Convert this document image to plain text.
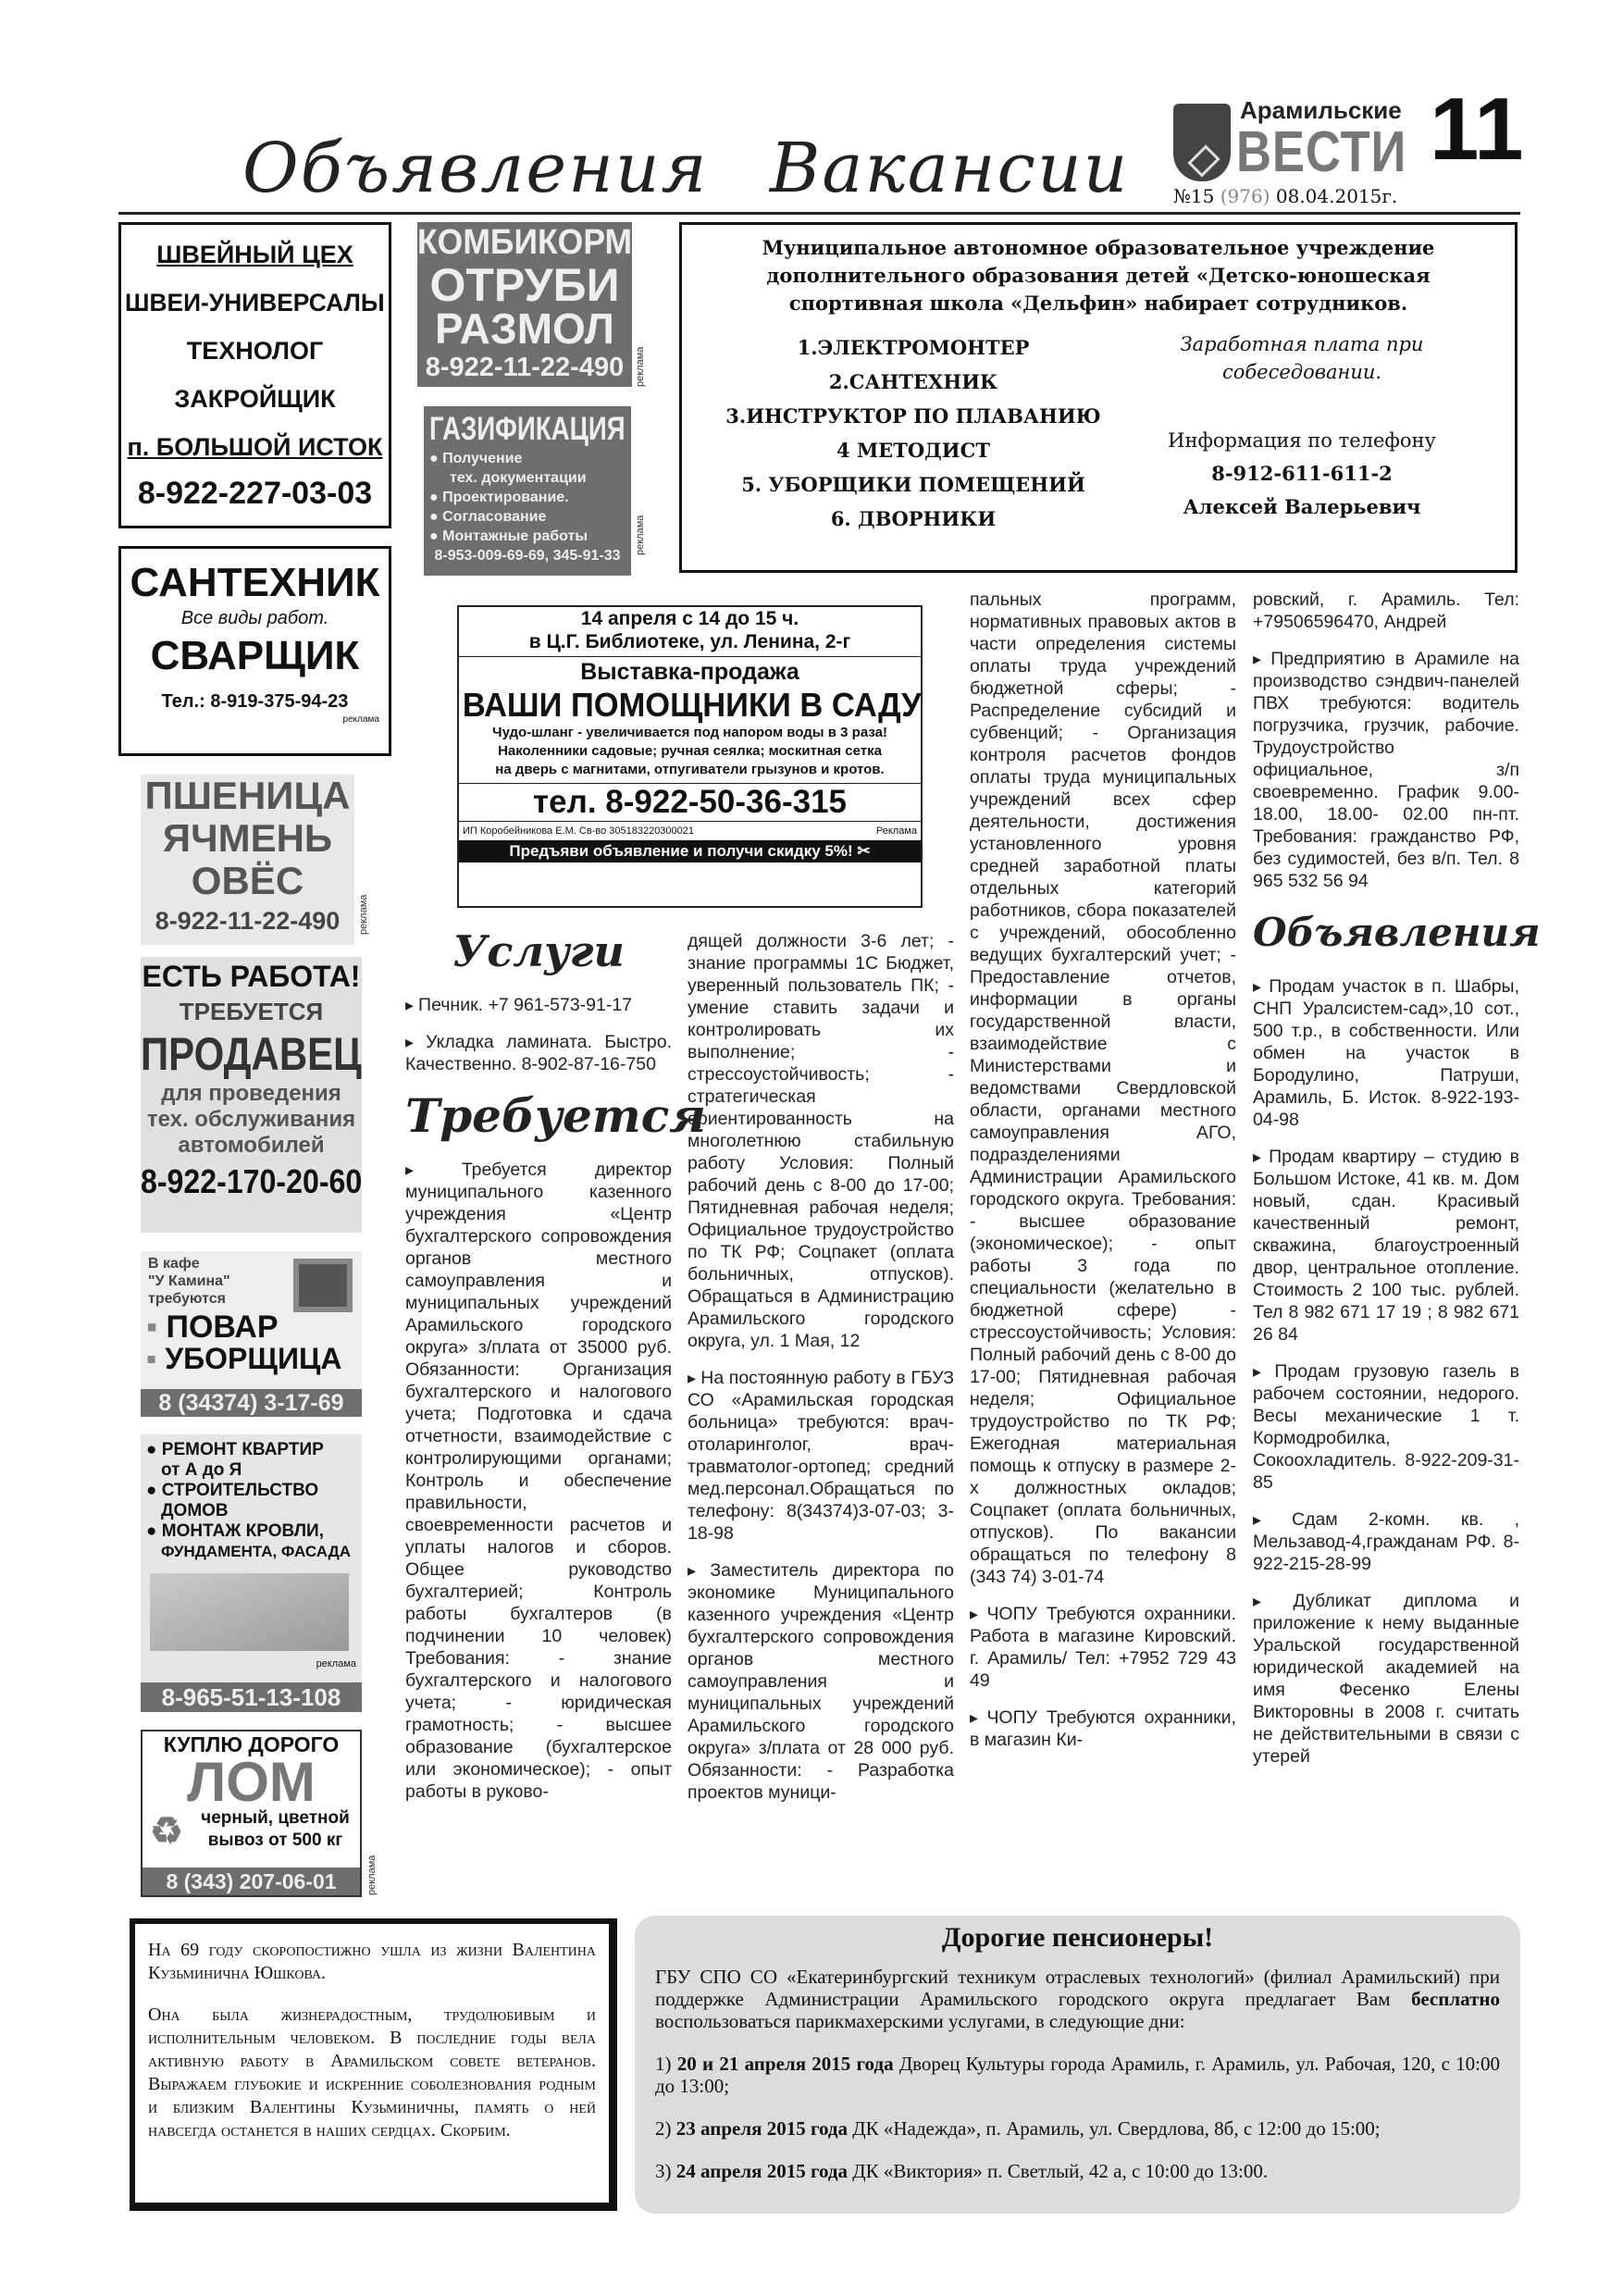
Объявления Вакансии
Арамильские
ВЕСТИ 11
№15 (976) 08.04.2015г.
ШВЕЙНЫЙ ЦЕХ
ШВЕИ-УНИВЕРСАЛЫ
ТЕХНОЛОГ
ЗАКРОЙЩИК
п. БОЛЬШОЙ ИСТОК
8-922-227-03-03
КОМБИКОРМ
ОТРУБИ
РАЗМОЛ
8-922-11-22-490	реклама
ГАЗИФИКАЦИЯ
● Получение
тех. документации
● Проектирование.
● Согласование
● Монтажные работы
8-953-009-69-69, 345-91-33
реклама
Муниципальное автономное образовательное учреждение дополнительного образования детей «Детско-юношеская спортивная школа «Дельфин» набирает сотрудников.
1.ЭЛЕКТРОМОНТЕР
2.САНТЕХНИК
3.ИНСТРУКТОР ПО ПЛАВАНИЮ
4 МЕТОДИСТ
5. УБОРЩИКИ ПОМЕЩЕНИЙ
6. ДВОРНИКИ
Заработная плата при собеседовании.
Информация по телефону
8-912-611-611-2
Алексей Валерьевич
САНТЕХНИК
Все виды работ.
СВАРЩИК
Тел.: 8-919-375-94-23
реклама
ПШЕНИЦА
ЯЧМЕНЬ
ОВЁС
8-922-11-22-490	реклама
ЕСТЬ РАБОТА!
ТРЕБУЕТСЯ
ПРОДАВЕЦ
для проведения
тех. обслуживания
автомобилей
8-922-170-20-60
В кафе
"У Камина"
требуются
▪ ПОВАР
▪ УБОРЩИЦА
8 (34374) 3-17-69
● РЕМОНТ КВАРТИР
от А до Я
● СТРОИТЕЛЬСТВО
ДОМОВ
● МОНТАЖ КРОВЛИ,
ФУНДАМЕНТА, ФАСАДА
реклама
8-965-51-13-108
КУПЛЮ ДОРОГО
ЛОМ
♻	черный, цветной
вывоз от 500 кг
8 (343) 207-06-01	реклама
14 апреля с 14 до 15 ч.
в Ц.Г. Библиотеке, ул. Ленина, 2-г
Выставка-продажа
ВАШИ ПОМОЩНИКИ В САДУ
Чудо-шланг - увеличивается под напором воды в 3 раза!
Наколенники садовые; ручная сеялка; москитная сетка
на дверь с магнитами, отпугиватели грызунов и кротов.
тел. 8-922-50-36-315
ИП Коробейникова Е.М. Св-во 305183220300021	Реклама
Предъяви объявление и получи скидку 5%! ✂
Услуги

▸ Печник. +7 961-573-91-17

▸ Укладка ламината. Быстро. Качественно. 8-902-87-16-750

Требуется

▸ Требуется директор муниципального казенного учреждения «Центр бухгалтерского сопровождения органов местного самоуправления и муниципальных учреждений Арамильского городского округа» з/плата от 35000 руб. Обязанности: Организация бухгалтерского и налогового учета; Подготовка и сдача отчетности, взаимодействие с контролирующими органами; Контроль и обеспечение правильности, своевременности расчетов и уплаты налогов и сборов. Общее руководство бухгалтерией; Контроль работы бухгалтеров (в подчинении 10 человек) Требования: - знание бухгалтерского и налогового учета; - юридическая грамотность; - высшее образование (бухгалтерское или экономическое); - опыт работы в руково-

дящей должности 3-6 лет; - знание программы 1С Бюджет, уверенный пользователь ПК; - умение ставить задачи и контролировать их выполнение; - стрессоустойчивость; - стратегическая ориентированность на многолетнюю стабильную работу Условия: Полный рабочий день с 8-00 до 17-00; Пятидневная рабочая неделя; Официальное трудоустройство по ТК РФ; Соцпакет (оплата больничных, отпусков). Обращаться в Администрацию Арамильского городского округа, ул. 1 Мая, 12

▸ На постоянную работу в ГБУЗ СО «Арамильская городская больница» требуются: врач-отоларинголог, врач- травматолог-ортопед; средний мед.персонал.Обращаться по телефону: 8(34374)3-07-03; 3-18-98

▸ Заместитель директора по экономике Муниципального казенного учреждения «Центр бухгалтерского сопровождения органов местного самоуправления и муниципальных учреждений Арамильского городского округа» з/плата от 28 000 руб. Обязанности: - Разработка проектов муници-

пальных программ, нормативных правовых актов в части определения системы оплаты труда учреждений бюджетной сферы; - Распределение субсидий и субвенций; - Организация контроля расчетов фондов оплаты труда муниципальных учреждений всех сфер деятельности, достижения установленного уровня средней заработной платы отдельных категорий работников, сбора показателей с учреждений, обособленно ведущих бухгалтерский учет; - Предоставление отчетов, информации в органы государственной власти, взаимодействие с Министерствами и ведомствами Свердловской области, органами местного самоуправления АГО, подразделениями Администрации Арамильского городского округа. Требования: - высшее образование (экономическое); - опыт работы 3 года по специальности (желательно в бюджетной сфере) - стрессоустойчивость; Условия: Полный рабочий день с 8-00 до 17-00; Пятидневная рабочая неделя; Официальное трудоустройство по ТК РФ; Ежегодная материальная помощь к отпуску в размере 2-х должностных окладов; Соцпакет (оплата больничных, отпусков). По вакансии обращаться по телефону 8 (343 74) 3-01-74

▸ ЧОПУ Требуются охранники. Работа в магазине Кировский. г. Арамиль/ Тел: +7952 729 43 49

▸ ЧОПУ Требуются охранники, в магазин Ки-

ровский, г. Арамиль. Тел: +79506596470, Андрей

▸ Предприятию в Арамиле на производство сэндвич-панелей ПВХ требуются: водитель погрузчика, грузчик, рабочие. Трудоустройство официальное, з/п своевременно. График 9.00-18.00, 18.00- 02.00 пн-пт. Требования: гражданство РФ, без судимостей, без в/п. Тел. 8 965 532 56 94

Объявления

▸ Продам участок в п. Шабры, СНП Уралсистем-сад»,10 сот., 500 т.р., в собственности. Или обмен на участок в Бородулино, Патруши, Арамиль, Б. Исток. 8-922-193-04-98

▸ Продам квартиру – студию в Большом Истоке, 41 кв. м. Дом новый, сдан. Красивый качественный ремонт, скважина, благоустроенный двор, центральное отопление. Стоимость 2 100 тыс. рублей. Тел 8 982 671 17 19 ; 8 982 671 26 84

▸ Продам грузовую газель в рабочем состоянии, недорого. Весы механические 1 т. Кормодробилка, Сокоохладитель. 8-922-209-31-85

▸ Сдам 2-комн. кв. , Мельзавод-4,гражданам РФ. 8-922-215-28-99

▸ Дубликат диплома и приложение к нему выданные Уральской государственной юридической академией на имя Фесенко Елены Викторовны в 2008 г. считать не действительными в связи с утерей

На 69 году скоропостижно ушла из жизни Валентина Кузьминична Юшкова.

Она была жизнерадостным, трудолюбивым и исполнительным человеком. В последние годы вела активную работу в Арамильском совете ветеранов. Выражаем глубокие и искренние соболезнования родным и близким Валентины Кузьминичны, память о ней навсегда останется в наших сердцах. Скорбим.

Дорогие пенсионеры!

ГБУ СПО СО «Екатеринбургский техникум отраслевых технологий» (филиал Арамильский) при поддержке Администрации Арамильского городского округа предлагает Вам бесплатно воспользоваться парикмахерскими услугами, в следующие дни:

1) 20 и 21 апреля 2015 года Дворец Культуры города Арамиль, г. Арамиль, ул. Рабочая, 120, с 10:00 до 13:00;

2) 23 апреля 2015 года ДК «Надежда», п. Арамиль, ул. Свердлова, 8б, с 12:00 до 15:00;

3) 24 апреля 2015 года ДК «Виктория» п. Светлый, 42 а, с 10:00 до 13:00.
